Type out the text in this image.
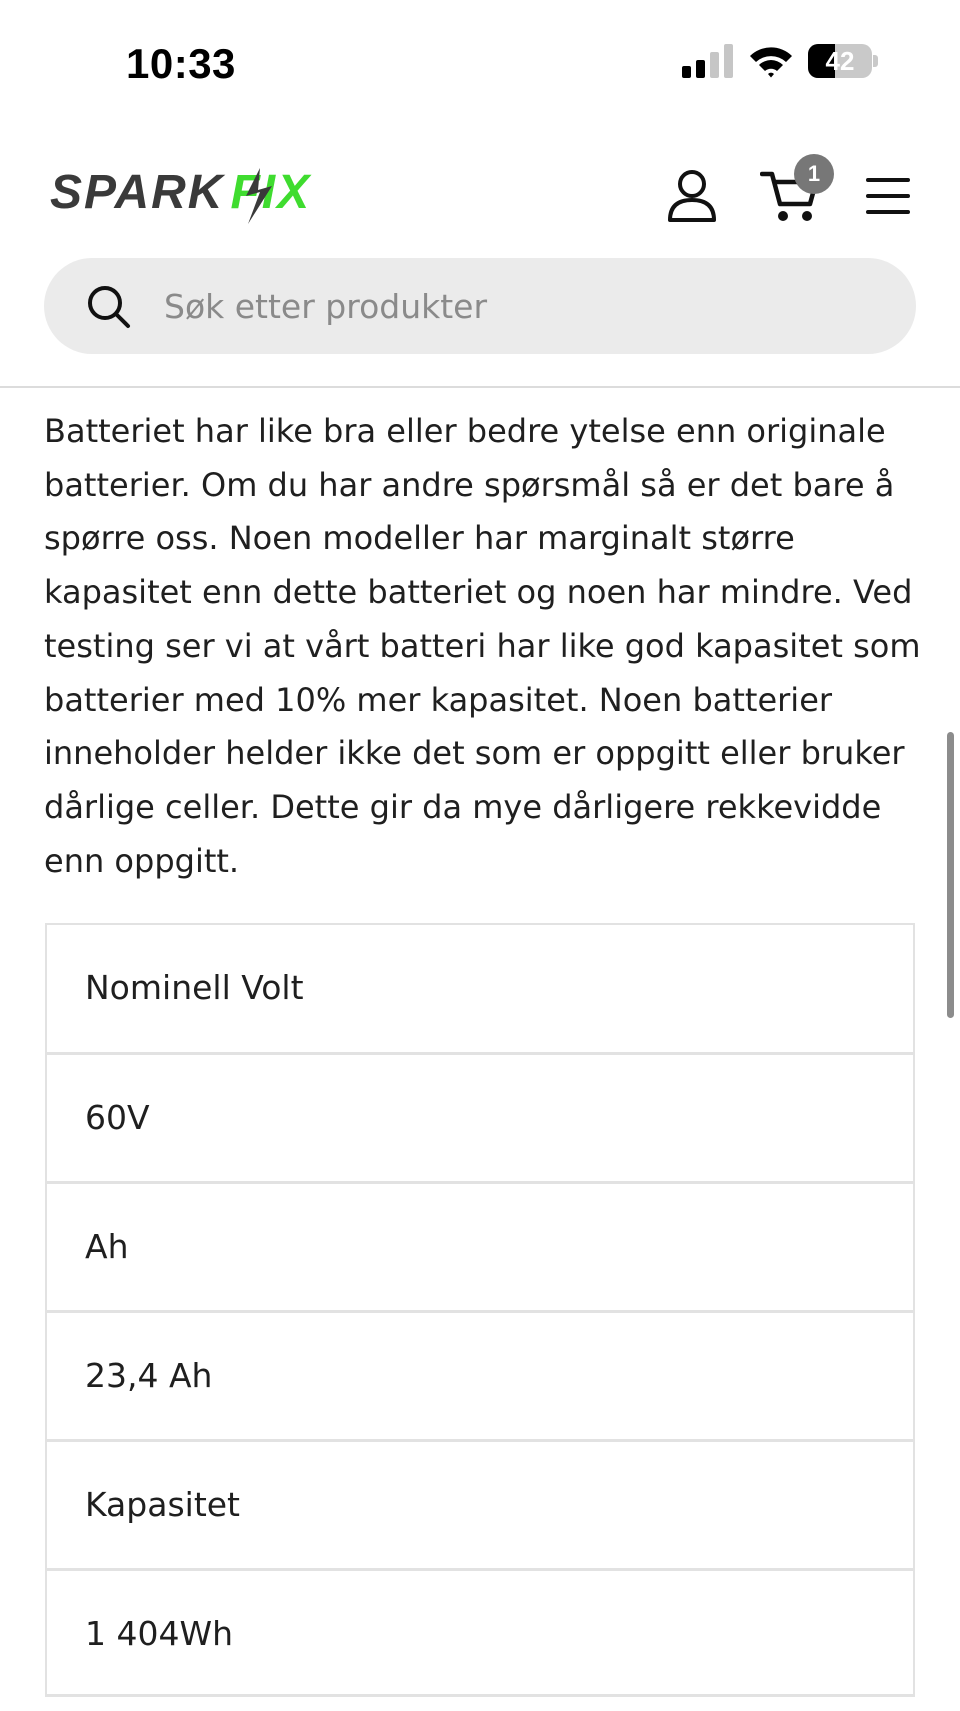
10:33	42
SPARK FIX	1
Søk etter produkter

Batteriet har like bra eller bedre ytelse enn originale batterier. Om du har andre spørsmål så er det bare å spørre oss. Noen modeller har marginalt større kapasitet enn dette batteriet og noen har mindre. Ved testing ser vi at vårt batteri har like god kapasitet som batterier med 10% mer kapasitet. Noen batterier inneholder helder ikke det som er oppgitt eller bruker dårlige celler. Dette gir da mye dårligere rekkevidde enn oppgitt.

Nominell Volt
60V
Ah
23,4 Ah
Kapasitet
1 404Wh
